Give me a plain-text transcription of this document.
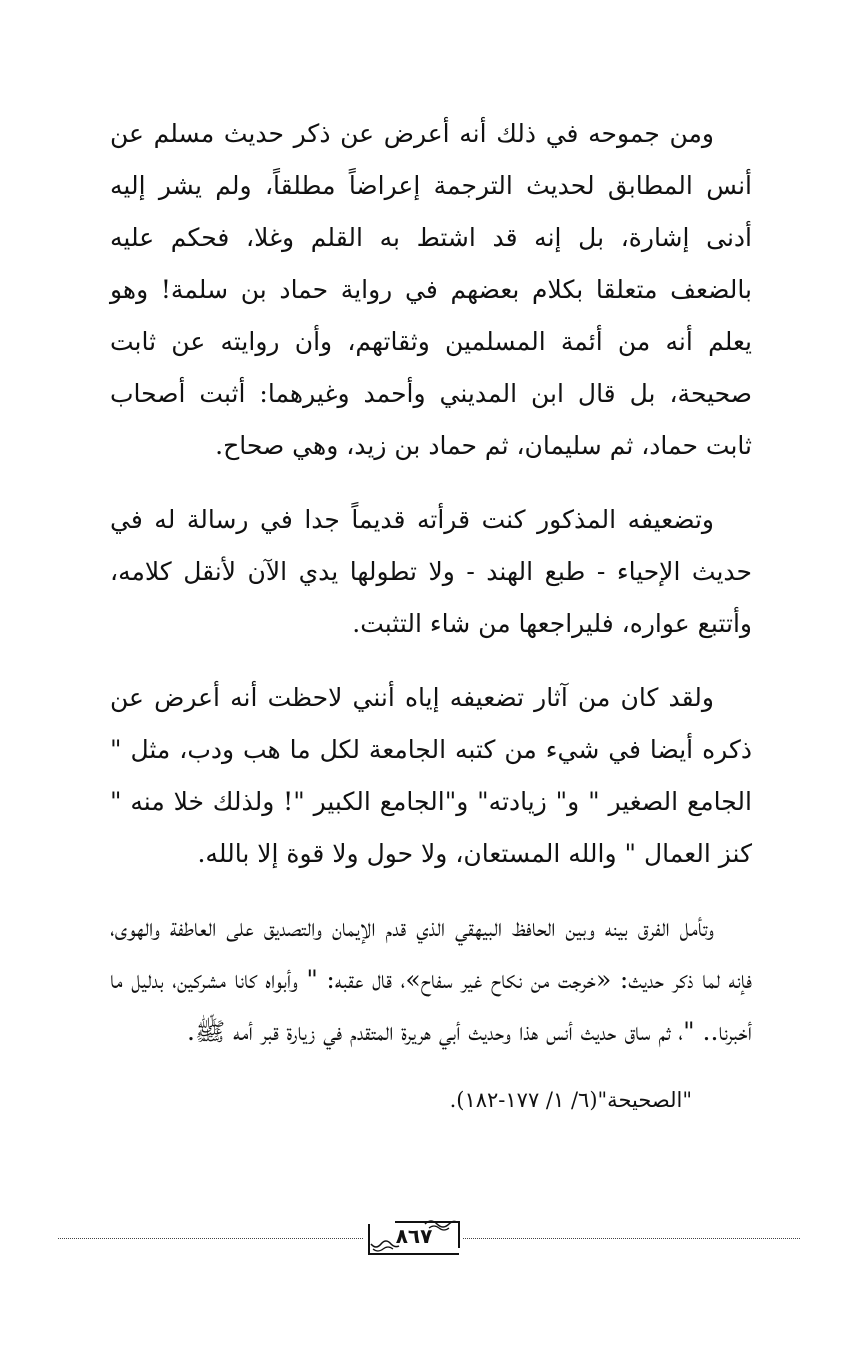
ومن جموحه في ذلك أنه أعرض عن ذكر حديث مسلم عن أنس المطابق لحديث الترجمة إعراضاً مطلقاً، ولم يشر إليه أدنى إشارة، بل إنه قد اشتط به القلم وغلا، فحكم عليه بالضعف متعلقا بكلام بعضهم في رواية حماد بن سلمة! وهو يعلم أنه من أئمة المسلمين وثقاتهم، وأن روايته عن ثابت صحيحة، بل قال ابن المديني وأحمد وغيرهما: أثبت أصحاب ثابت حماد، ثم سليمان، ثم حماد بن زيد، وهي صحاح.

وتضعيفه المذكور كنت قرأته قديماً جدا في رسالة له في حديث الإحياء - طبع الهند - ولا تطولها يدي الآن لأنقل كلامه، وأتتبع عواره، فليراجعها من شاء التثبت.

ولقد كان من آثار تضعيفه إياه أنني لاحظت أنه أعرض عن ذكره أيضا في شيء من كتبه الجامعة لكل ما هب ودب، مثل " الجامع الصغير " و" زيادته" و"الجامع الكبير "! ولذلك خلا منه " كنز العمال " والله المستعان، ولا حول ولا قوة إلا بالله.

وتأمل الفرق بينه وبين الحافظ البيهقي الذي قدم الإيمان والتصديق على العاطفة والهوى، فإنه لما ذكر حديث: «خرجت من نكاح غير سفاح»، قال عقبه: " وأبواه كانا مشركين، بدليل ما أخبرنا.. "، ثم ساق حديث أنس هذا وحديث أبي هريرة المتقدم في زيارة قبر أمه ﷺ.

"الصحيحة"(٦/ ١/ ١٧٧-١٨٢).

٨٦٧
